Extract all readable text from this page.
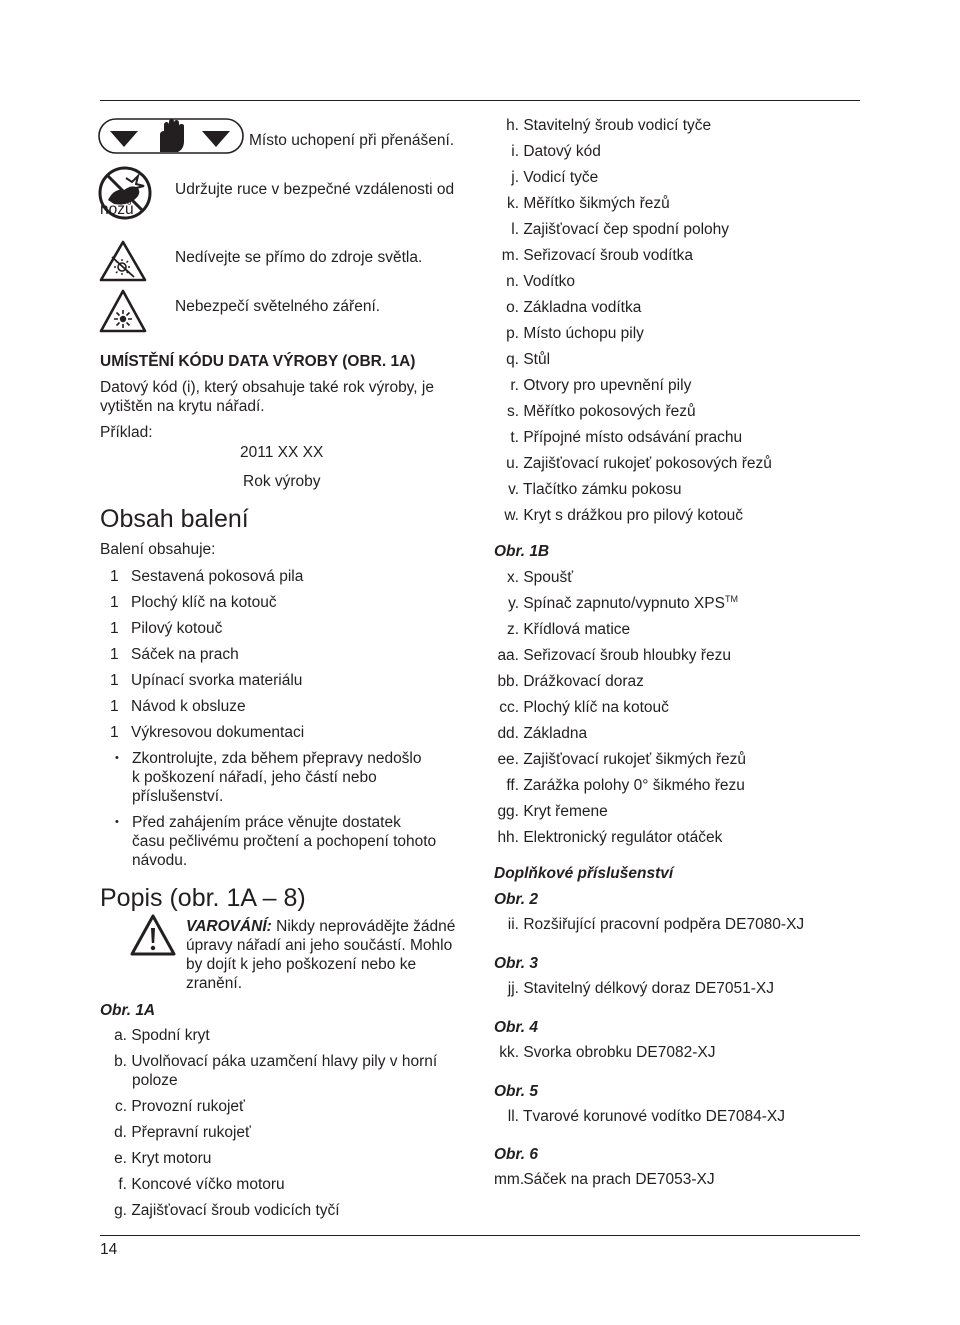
14
Místo uchopení při přenášení.
Udržujte ruce v bezpečné vzdálenosti od
nožů
Nedívejte se přímo do zdroje světla.
Nebezpečí světelného záření.
UMÍSTĚNÍ KÓDU DATA VÝROBY (OBR. 1A)
Datový kód (i), který obsahuje také rok výroby, je
vytištěn na krytu nářadí.
Příklad:
2011 XX XX
Rok výroby
Obsah balení
Balení obsahuje:
1 Sestavená pokosová pila
1 Plochý klíč na kotouč
1 Pilový kotouč
1 Sáček na prach
1 Upínací svorka materiálu
1 Návod k obsluze
1 Výkresovou dokumentaci
• Zkontrolujte, zda během přepravy nedošlo
k poškození nářadí, jeho částí nebo
příslušenství.
• Před zahájením práce věnujte dostatek
času pečlivému pročtení a pochopení tohoto
návodu.
Popis (obr. 1A – 8)
VAROVÁNÍ: Nikdy neprovádějte žádné
úpravy nářadí ani jeho součástí. Mohlo
by dojít k jeho poškození nebo ke
zranění.
Obr. 1A
a. Spodní kryt
b. Uvolňovací páka uzamčení hlavy pily v horní
poloze
c. Provozní rukojeť
d. Přepravní rukojeť
e. Kryt motoru
f. Koncové víčko motoru
g. Zajišťovací šroub vodicích tyčí
h. Stavitelný šroub vodicí tyče
i. Datový kód
j. Vodicí tyče
k. Měřítko šikmých řezů
l. Zajišťovací čep spodní polohy
m. Seřizovací šroub vodítka
n. Vodítko
o. Základna vodítka
p. Místo úchopu pily
q. Stůl
r. Otvory pro upevnění pily
s. Měřítko pokosových řezů
t. Přípojné místo odsávání prachu
u. Zajišťovací rukojeť pokosových řezů
v. Tlačítko zámku pokosu
w. Kryt s drážkou pro pilový kotouč
Obr. 1B
x. Spoušť
y. Spínač zapnuto/vypnuto XPS™
z. Křídlová matice
aa. Seřizovací šroub hloubky řezu
bb. Drážkovací doraz
cc. Plochý klíč na kotouč
dd. Základna
ee. Zajišťovací rukojeť šikmých řezů
ff. Zarážka polohy 0° šikmého řezu
gg. Kryt řemene
hh. Elektronický regulátor otáček
Doplňkové příslušenství
Obr. 2
ii. Rozšiřující pracovní podpěra DE7080-XJ
Obr. 3
jj. Stavitelný délkový doraz DE7051-XJ
Obr. 4
kk. Svorka obrobku DE7082-XJ
Obr. 5
ll. Tvarové korunové vodítko DE7084-XJ
Obr. 6
mm. Sáček na prach DE7053-XJ
